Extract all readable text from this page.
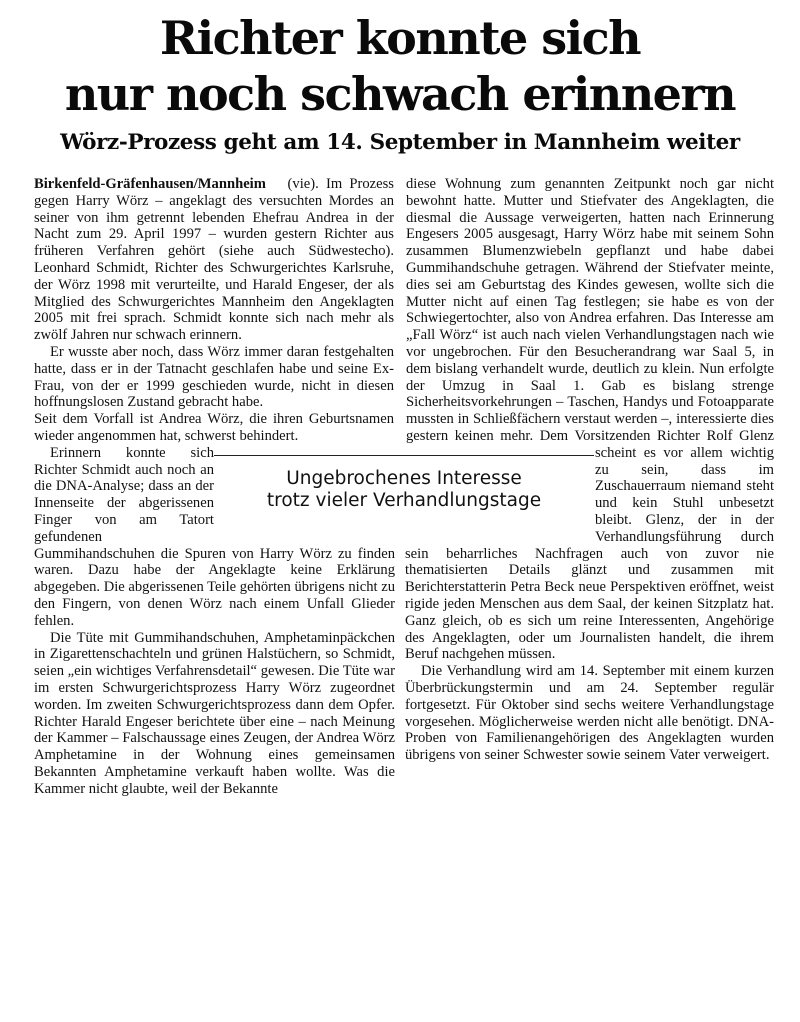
Richter konnte sich
nur noch schwach erinnern
Wörz-Prozess geht am 14. September in Mannheim weiter

Birkenfeld-Gräfenhausen/Mannheim (vie). Im Prozess gegen Harry Wörz – angeklagt des versuchten Mordes an seiner von ihm getrennt lebenden Ehefrau Andrea in der Nacht zum 29. April 1997 – wurden gestern Richter aus früheren Verfahren gehört (siehe auch Südwestecho). Leonhard Schmidt, Richter des Schwurgerichtes Karlsruhe, der Wörz 1998 mit verurteilte, und Harald Engeser, der als Mitglied des Schwurgerichtes Mannheim den Angeklagten 2005 mit frei sprach. Schmidt konnte sich nach mehr als zwölf Jahren nur schwach erinnern.

Er wusste aber noch, dass Wörz immer daran festgehalten hatte, dass er in der Tatnacht geschlafen habe und seine Ex-Frau, von der er 1999 geschieden wurde, nicht in diesen hoffnungslosen Zustand gebracht habe.

Seit dem Vorfall ist Andrea Wörz, die ihren Geburtsnamen wieder angenommen hat, schwerst behindert.

Erinnern konnte sich Richter Schmidt auch noch an die DNA-Analyse; dass an der Innenseite der abgerissenen Finger von am Tatort gefundenen Gummihandschuhen die Spuren von Harry Wörz zu finden waren. Dazu habe der Angeklagte keine Erklärung abgegeben. Die abgerissenen Teile gehörten übrigens nicht zu den Fingern, von denen Wörz nach einem Unfall Glieder fehlen.

Die Tüte mit Gummihandschuhen, Amphetaminpäckchen in Zigarettenschachteln und grünen Halstüchern, so Schmidt, seien „ein wichtiges Verfahrensdetail“ gewesen. Die Tüte war im ersten Schwurgerichtsprozess Harry Wörz zugeordnet worden. Im zweiten Schwurgerichtsprozess dann dem Opfer. Richter Harald Engeser berichtete über eine – nach Meinung der Kammer – Falschaussage eines Zeugen, der Andrea Wörz Amphetamine in der Wohnung eines gemeinsamen Bekannten Amphetamine verkauft haben wollte. Was die Kammer nicht glaubte, weil der Bekannte

diese Wohnung zum genannten Zeitpunkt noch gar nicht bewohnt hatte. Mutter und Stiefvater des Angeklagten, die diesmal die Aussage verweigerten, hatten nach Erinnerung Engesers 2005 ausgesagt, Harry Wörz habe mit seinem Sohn zusammen Blumenzwiebeln gepflanzt und habe dabei Gummihandschuhe getragen. Während der Stiefvater meinte, dies sei am Geburtstag des Kindes gewesen, wollte sich die Mutter nicht auf einen Tag festlegen; sie habe es von der Schwiegertochter, also von Andrea erfahren. Das Interesse am „Fall Wörz“ ist auch nach vielen Verhandlungstagen nach wie vor ungebrochen. Für den Besucherandrang war Saal 5, in dem bislang verhandelt wurde, deutlich zu klein. Nun erfolgte der Umzug in Saal 1. Gab es bislang strenge Sicherheitsvorkehrungen – Taschen, Handys und Fotoapparate mussten in Schließfächern verstaut werden –, interessierte dies gestern keinen mehr. Dem Vorsitzenden Richter Rolf Glenz scheint es vor allem wichtig zu sein, dass im Zuschauerraum niemand steht und kein Stuhl unbesetzt bleibt. Glenz, der in der Verhandlungsführung durch sein beharrliches Nachfragen auch von zuvor nie thematisierten Details glänzt und zusammen mit Berichterstatterin Petra Beck neue Perspektiven eröffnet, weist rigide jeden Menschen aus dem Saal, der keinen Sitzplatz hat. Ganz gleich, ob es sich um reine Interessenten, Angehörige des Angeklagten, oder um Journalisten handelt, die ihrem Beruf nachgehen müssen.

Die Verhandlung wird am 14. September mit einem kurzen Überbrückungstermin und am 24. September regulär fortgesetzt. Für Oktober sind sechs weitere Verhandlungstage vorgesehen. Möglicherweise werden nicht alle benötigt. DNA-Proben von Familienangehörigen des Angeklagten wurden übrigens von seiner Schwester sowie seinem Vater verweigert.

Ungebrochenes Interesse
trotz vieler Verhandlungstage
